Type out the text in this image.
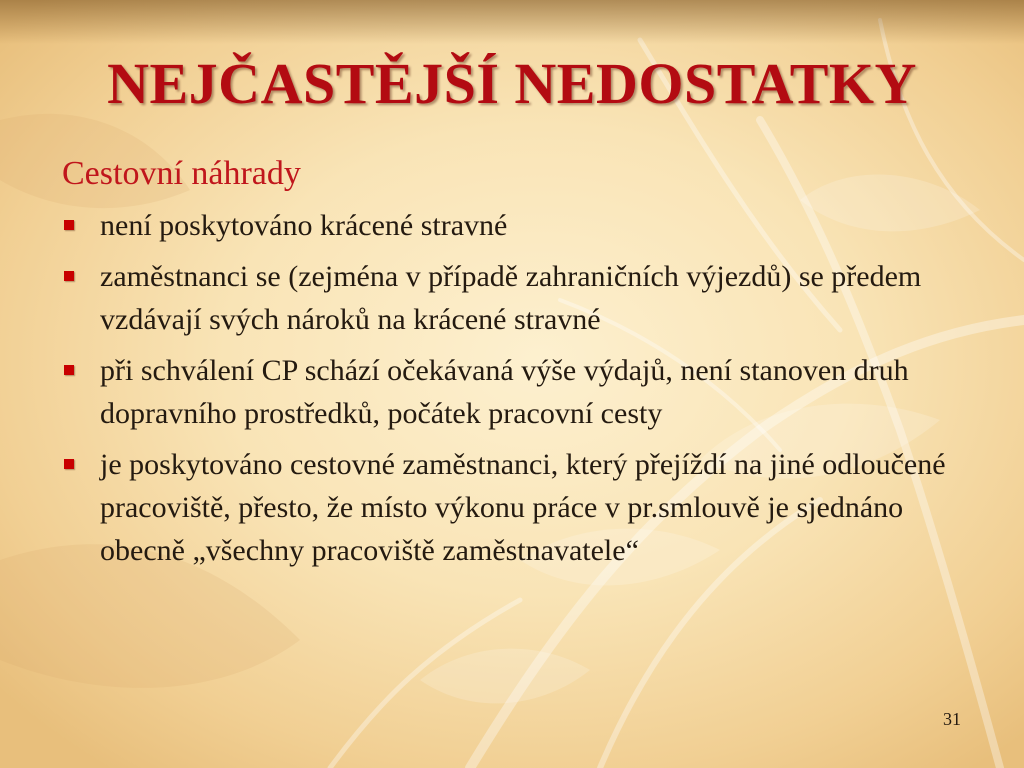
NEJČASTĚJŠÍ NEDOSTATKY
Cestovní náhrady
není poskytováno krácené stravné
zaměstnanci se (zejména v případě zahraničních výjezdů) se předem vzdávají svých nároků na krácené stravné
při schválení CP schází očekávaná výše výdajů, není stanoven druh dopravního prostředků, počátek pracovní cesty
je poskytováno cestovné zaměstnanci, který přejíždí na jiné odloučené pracoviště, přesto, že místo výkonu práce v pr.smlouvě je sjednáno obecně „všechny pracoviště zaměstnavatele“
31
